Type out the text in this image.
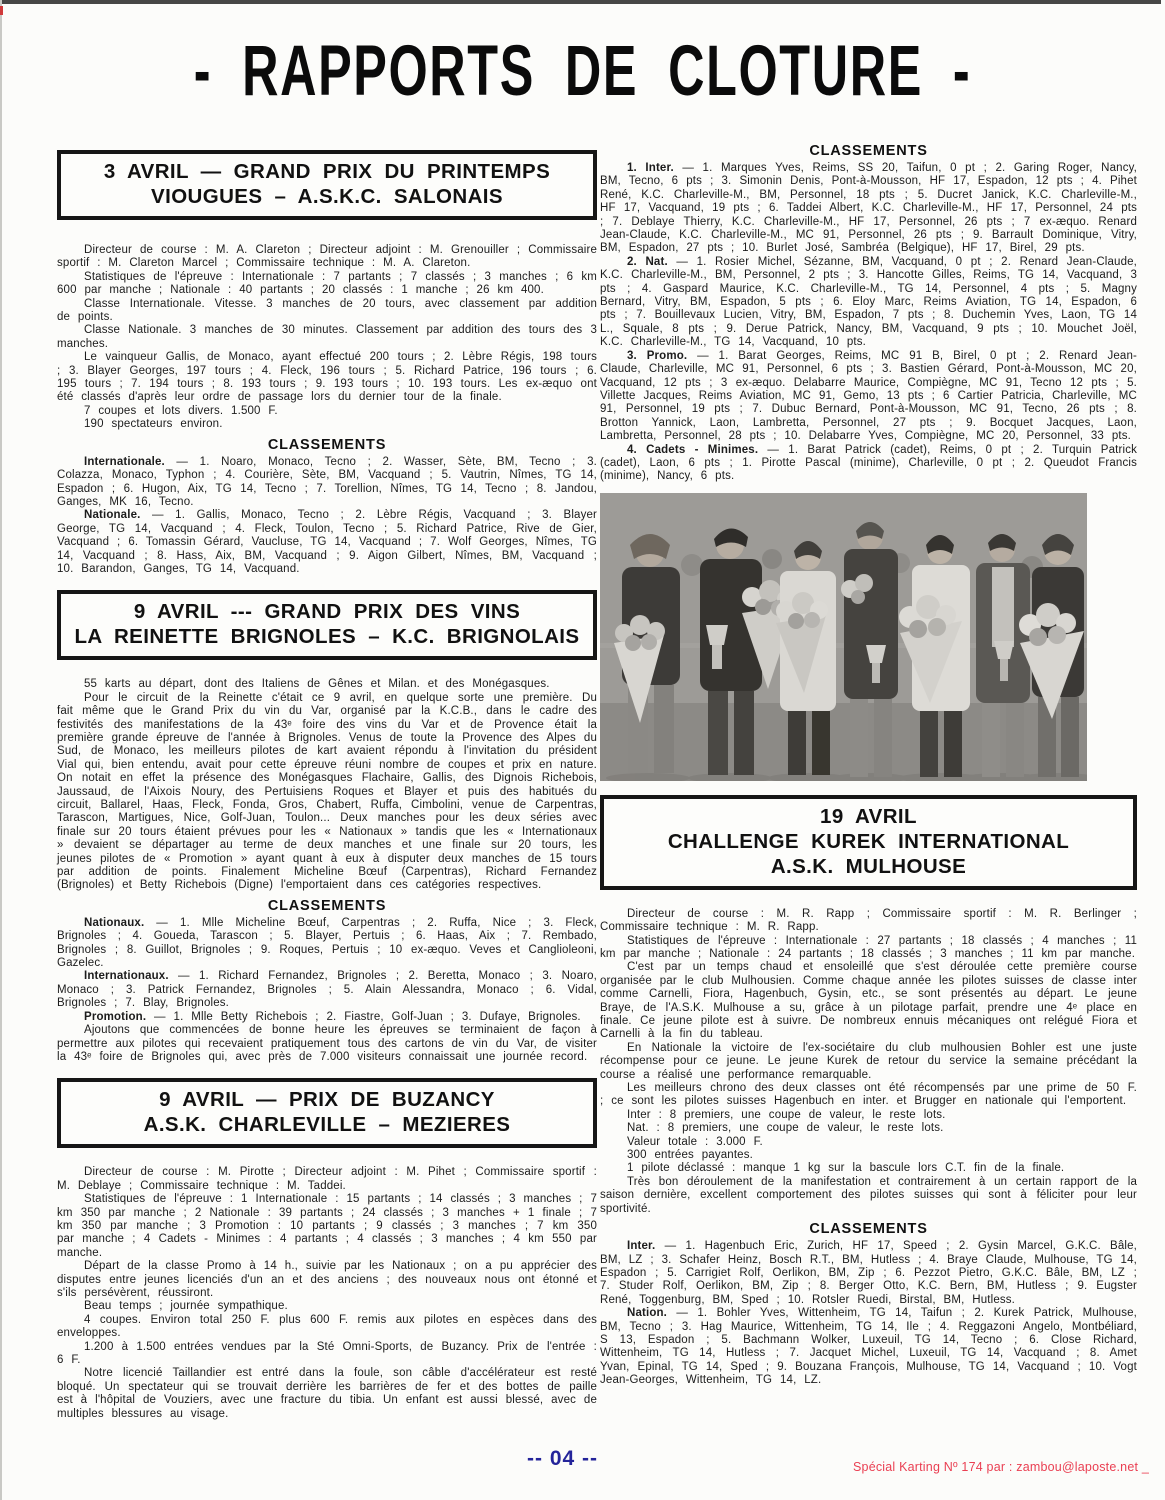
- RAPPORTS DE CLOTURE -
3 AVRIL — GRAND PRIX DU PRINTEMPS
VIOUGUES – A.S.K.C. SALONAIS

Directeur de course : M. A. Clareton ; Directeur adjoint : M. Grenouiller ; Commissaire sportif : M. Clareton Marcel ; Commissaire technique : M. A. Clareton.

Statistiques de l'épreuve : Internationale : 7 partants ; 7 classés ; 3 manches ; 6 km 600 par manche ; Nationale : 40 partants ; 20 classés : 1 manche ; 26 km 400.

Classe Internationale. Vitesse. 3 manches de 20 tours, avec classement par addition de points.

Classe Nationale. 3 manches de 30 minutes. Classement par addition des tours des 3 manches.

Le vainqueur Gallis, de Monaco, ayant effectué 200 tours ; 2. Lèbre Régis, 198 tours ; 3. Blayer Georges, 197 tours ; 4. Fleck, 196 tours ; 5. Richard Patrice, 196 tours ; 6. 195 tours ; 7. 194 tours ; 8. 193 tours ; 9. 193 tours ; 10. 193 tours. Les ex-æquo ont été classés d'après leur ordre de passage lors du dernier tour de la finale.

7 coupes et lots divers. 1.500 F.

190 spectateurs environ.

CLASSEMENTS

Internationale. — 1. Noaro, Monaco, Tecno ; 2. Wasser, Sète, BM, Tecno ; 3. Colazza, Monaco, Typhon ; 4. Courière, Sète, BM, Vacquand ; 5. Vautrin, Nîmes, TG 14, Espadon ; 6. Hugon, Aix, TG 14, Tecno ; 7. Torellion, Nîmes, TG 14, Tecno ; 8. Jandou, Ganges, MK 16, Tecno.

Nationale. — 1. Gallis, Monaco, Tecno ; 2. Lèbre Régis, Vacquand ; 3. Blayer George, TG 14, Vacquand ; 4. Fleck, Toulon, Tecno ; 5. Richard Patrice, Rive de Gier, Vacquand ; 6. Tomassin Gérard, Vaucluse, TG 14, Vacquand ; 7. Wolf Georges, Nîmes, TG 14, Vacquand ; 8. Hass, Aix, BM, Vacquand ; 9. Aigon Gilbert, Nîmes, BM, Vacquand ; 10. Barandon, Ganges, TG 14, Vacquand.

9 AVRIL --- GRAND PRIX DES VINS
LA REINETTE BRIGNOLES – K.C. BRIGNOLAIS

55 karts au départ, dont des Italiens de Gênes et Milan. et des Monégasques.

Pour le circuit de la Reinette c'était ce 9 avril, en quelque sorte une première. Du fait même que le Grand Prix du vin du Var, organisé par la K.C.B., dans le cadre des festivités des manifestations de la 43ᵉ foire des vins du Var et de Provence était la première grande épreuve de l'année à Brignoles. Venus de toute la Provence des Alpes du Sud, de Monaco, les meilleurs pilotes de kart avaient répondu à l'invitation du président Vial qui, bien entendu, avait pour cette épreuve réuni nombre de coupes et prix en nature. On notait en effet la présence des Monégasques Flachaire, Gallis, des Dignois Richebois, Jaussaud, de l'Aixois Noury, des Pertuisiens Roques et Blayer et puis des habitués du circuit, Ballarel, Haas, Fleck, Fonda, Gros, Chabert, Ruffa, Cimbolini, venue de Carpentras, Tarascon, Martigues, Nice, Golf-Juan, Toulon... Deux manches pour les deux séries avec finale sur 20 tours étaient prévues pour les « Nationaux » tandis que les « Internationaux » devaient se départager au terme de deux manches et une finale sur 20 tours, les jeunes pilotes de « Promotion » ayant quant à eux à disputer deux manches de 15 tours par addition de points. Finalement Micheline Bœuf (Carpentras), Richard Fernandez (Brignoles) et Betty Richebois (Digne) l'emportaient dans ces catégories respectives.

CLASSEMENTS

Nationaux. — 1. Mlle Micheline Bœuf, Carpentras ; 2. Ruffa, Nice ; 3. Fleck, Brignoles ; 4. Goueda, Tarascon ; 5. Blayer, Pertuis ; 6. Haas, Aix ; 7. Rembado, Brignoles ; 8. Guillot, Brignoles ; 9. Roques, Pertuis ; 10 ex-æquo. Veves et Canglioleoni, Gazelec.

Internationaux. — 1. Richard Fernandez, Brignoles ; 2. Beretta, Monaco ; 3. Noaro, Monaco ; 3. Patrick Fernandez, Brignoles ; 5. Alain Alessandra, Monaco ; 6. Vidal, Brignoles ; 7. Blay, Brignoles.

Promotion. — 1. Mlle Betty Richebois ; 2. Fiastre, Golf-Juan ; 3. Dufaye, Brignoles.

Ajoutons que commencées de bonne heure les épreuves se terminaient de façon à permettre aux pilotes qui recevaient pratiquement tous des cartons de vin du Var, de visiter la 43ᵉ foire de Brignoles qui, avec près de 7.000 visiteurs connaissait une journée record.

9 AVRIL — PRIX DE BUZANCY
A.S.K. CHARLEVILLE – MEZIERES

Directeur de course : M. Pirotte ; Directeur adjoint : M. Pihet ; Commissaire sportif : M. Deblaye ; Commissaire technique : M. Taddei.

Statistiques de l'épreuve : 1 Internationale : 15 partants ; 14 classés ; 3 manches ; 7 km 350 par manche ; 2 Nationale : 39 partants ; 24 classés ; 3 manches + 1 finale ; 7 km 350 par manche ; 3 Promotion : 10 partants ; 9 classés ; 3 manches ; 7 km 350 par manche ; 4 Cadets - Minimes : 4 partants ; 4 classés ; 3 manches ; 4 km 550 par manche.

Départ de la classe Promo à 14 h., suivie par les Nationaux ; on a pu apprécier des disputes entre jeunes licenciés d'un an et des anciens ; des nouveaux nous ont étonné et s'ils persévèrent, réussiront.

Beau temps ; journée sympathique.

4 coupes. Environ total 250 F. plus 600 F. remis aux pilotes en espèces dans des enveloppes.

1.200 à 1.500 entrées vendues par la Sté Omni-Sports, de Buzancy. Prix de l'entrée : 6 F.

Notre licencié Taillandier est entré dans la foule, son câble d'accélérateur est resté bloqué. Un spectateur qui se trouvait derrière les barrières de fer et des bottes de paille est à l'hôpital de Vouziers, avec une fracture du tibia. Un enfant est aussi blessé, avec de multiples blessures au visage.

CLASSEMENTS

1. Inter. — 1. Marques Yves, Reims, SS 20, Taifun, 0 pt ; 2. Garing Roger, Nancy, BM, Tecno, 6 pts ; 3. Simonin Denis, Pont-à-Mousson, HF 17, Espadon, 12 pts ; 4. Pihet René, K.C. Charleville-M., BM, Personnel, 18 pts ; 5. Ducret Janick, K.C. Charleville-M., HF 17, Vacquand, 19 pts ; 6. Taddei Albert, K.C. Charleville-M., HF 17, Personnel, 24 pts ; 7. Deblaye Thierry, K.C. Charleville-M., HF 17, Personnel, 26 pts ; 7 ex-æquo. Renard Jean-Claude, K.C. Charleville-M., MC 91, Personnel, 26 pts ; 9. Barrault Dominique, Vitry, BM, Espadon, 27 pts ; 10. Burlet José, Sambréa (Belgique), HF 17, Birel, 29 pts.

2. Nat. — 1. Rosier Michel, Sézanne, BM, Vacquand, 0 pt ; 2. Renard Jean-Claude, K.C. Charleville-M., BM, Personnel, 2 pts ; 3. Hancotte Gilles, Reims, TG 14, Vacquand, 3 pts ; 4. Gaspard Maurice, K.C. Charleville-M., TG 14, Personnel, 4 pts ; 5. Magny Bernard, Vitry, BM, Espadon, 5 pts ; 6. Eloy Marc, Reims Aviation, TG 14, Espadon, 6 pts ; 7. Bouillevaux Lucien, Vitry, BM, Espadon, 7 pts ; 8. Duchemin Yves, Laon, TG 14 L., Squale, 8 pts ; 9. Derue Patrick, Nancy, BM, Vacquand, 9 pts ; 10. Mouchet Joël, K.C. Charleville-M., TG 14, Vacquand, 10 pts.

3. Promo. — 1. Barat Georges, Reims, MC 91 B, Birel, 0 pt ; 2. Renard Jean-Claude, Charleville, MC 91, Personnel, 6 pts ; 3. Bastien Gérard, Pont-à-Mousson, MC 20, Vacquand, 12 pts ; 3 ex-æquo. Delabarre Maurice, Compiègne, MC 91, Tecno 12 pts ; 5. Villette Jacques, Reims Aviation, MC 91, Gemo, 13 pts ; 6 Cartier Patricia, Charleville, MC 91, Personnel, 19 pts ; 7. Dubuc Bernard, Pont-à-Mousson, MC 91, Tecno, 26 pts ; 8. Brotton Yannick, Laon, Lambretta, Personnel, 27 pts ; 9. Bocquet Jacques, Laon, Lambretta, Personnel, 28 pts ; 10. Delabarre Yves, Compiègne, MC 20, Personnel, 33 pts.

4. Cadets - Minimes. — 1. Barat Patrick (cadet), Reims, 0 pt ; 2. Turquin Patrick (cadet), Laon, 6 pts ; 1. Pirotte Pascal (minime), Charleville, 0 pt ; 2. Queudot Francis (minime), Nancy, 6 pts.

19 AVRIL
CHALLENGE KUREK INTERNATIONAL
A.S.K. MULHOUSE

Directeur de course : M. R. Rapp ; Commissaire sportif : M. R. Berlinger ; Commissaire technique : M. R. Rapp.

Statistiques de l'épreuve : Internationale : 27 partants ; 18 classés ; 4 manches ; 11 km par manche ; Nationale : 24 partants ; 18 classés ; 3 manches ; 11 km par manche.

C'est par un temps chaud et ensoleillé que s'est déroulée cette première course organisée par le club Mulhousien. Comme chaque année les pilotes suisses de classe inter comme Carnelli, Fiora, Hagenbuch, Gysin, etc., se sont présentés au départ. Le jeune Braye, de l'A.S.K. Mulhouse a su, grâce à un pilotage parfait, prendre une 4ᵉ place en finale. Ce jeune pilote est à suivre. De nombreux ennuis mécaniques ont relégué Fiora et Carnelli à la fin du tableau.

En Nationale la victoire de l'ex-sociétaire du club mulhousien Bohler est une juste récompense pour ce jeune. Le jeune Kurek de retour du service la semaine précédant la course a réalisé une performance remarquable.

Les meilleurs chrono des deux classes ont été récompensés par une prime de 50 F. ; ce sont les pilotes suisses Hagenbuch en inter. et Brugger en nationale qui l'emportent.

Inter : 8 premiers, une coupe de valeur, le reste lots.

Nat. : 8 premiers, une coupe de valeur, le reste lots.

Valeur totale : 3.000 F.

300 entrées payantes.

1 pilote déclassé : manque 1 kg sur la bascule lors C.T. fin de la finale.

Très bon déroulement de la manifestation et contrairement à un certain rapport de la saison dernière, excellent comportement des pilotes suisses qui sont à féliciter pour leur sportivité.

CLASSEMENTS

Inter. — 1. Hagenbuch Eric, Zurich, HF 17, Speed ; 2. Gysin Marcel, G.K.C. Bâle, BM, LZ ; 3. Schafer Heinz, Bosch R.T., BM, Hutless ; 4. Braye Claude, Mulhouse, TG 14, Espadon ; 5. Carrigiet Rolf, Oerlikon, BM, Zip ; 6. Pezzot Pietro, G.K.C. Bâle, BM, LZ ; 7. Studer Rolf, Oerlikon, BM, Zip ; 8. Berger Otto, K.C. Bern, BM, Hutless ; 9. Eugster René, Toggenburg, BM, Sped ; 10. Rotsler Ruedi, Birstal, BM, Hutless.

Nation. — 1. Bohler Yves, Wittenheim, TG 14, Taifun ; 2. Kurek Patrick, Mulhouse, BM, Tecno ; 3. Hag Maurice, Wittenheim, TG 14, Ile ; 4. Reggazoni Angelo, Montbéliard, S 13, Espadon ; 5. Bachmann Wolker, Luxeuil, TG 14, Tecno ; 6. Close Richard, Wittenheim, TG 14, Hutless ; 7. Jacquet Michel, Luxeuil, TG 14, Vacquand ; 8. Amet Yvan, Epinal, TG 14, Sped ; 9. Bouzana François, Mulhouse, TG 14, Vacquand ; 10. Vogt Jean-Georges, Wittenheim, TG 14, LZ.

-- 04 --	Spécial Karting Nº 174 par : zambou@laposte.net _
